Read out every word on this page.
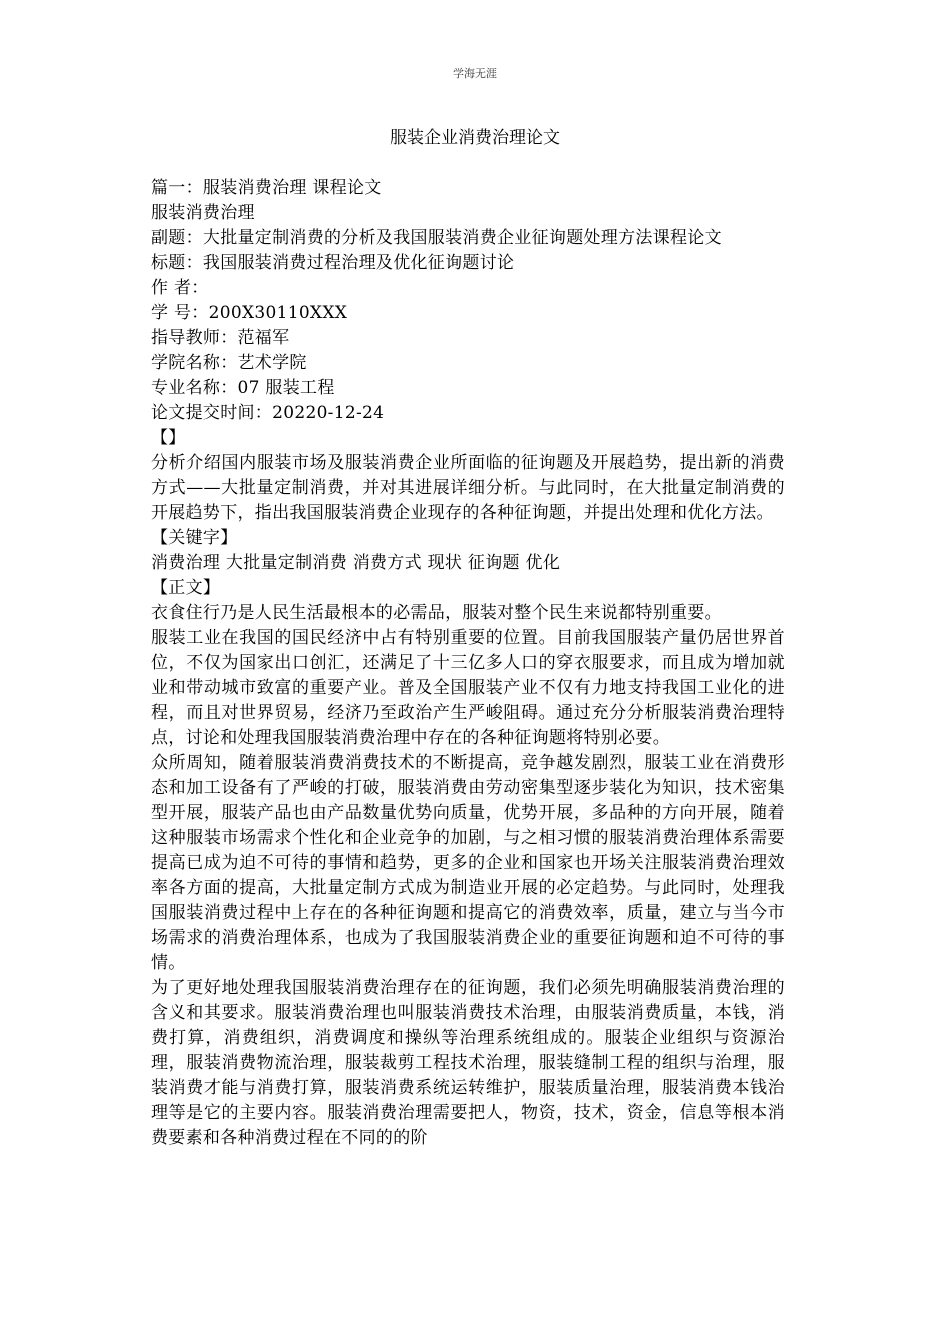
学海无涯
服装企业消费治理论文

篇一：服装消费治理 课程论文

服装消费治理

副题：大批量定制消费的分析及我国服装消费企业征询题处理方法课程论文

标题：我国服装消费过程治理及优化征询题讨论

作 者：

学 号：200X30110XXX

指导教师：范福军

学院名称：艺术学院

专业名称：07 服装工程

论文提交时间：20220-12-24

【】

分析介绍国内服装市场及服装消费企业所面临的征询题及开展趋势，提出新的消费方式——大批量定制消费，并对其进展详细分析。与此同时，在大批量定制消费的开展趋势下，指出我国服装消费企业现存的各种征询题，并提出处理和优化方法。

【关键字】

消费治理 大批量定制消费 消费方式 现状 征询题 优化

【正文】

衣食住行乃是人民生活最根本的必需品，服装对整个民生来说都特别重要。

服装工业在我国的国民经济中占有特别重要的位置。目前我国服装产量仍居世界首位，不仅为国家出口创汇，还满足了十三亿多人口的穿衣服要求，而且成为增加就业和带动城市致富的重要产业。普及全国服装产业不仅有力地支持我国工业化的进程，而且对世界贸易，经济乃至政治产生严峻阻碍。通过充分分析服装消费治理特点，讨论和处理我国服装消费治理中存在的各种征询题将特别必要。

众所周知，随着服装消费消费技术的不断提高，竞争越发剧烈，服装工业在消费形态和加工设备有了严峻的打破，服装消费由劳动密集型逐步装化为知识，技术密集型开展，服装产品也由产品数量优势向质量，优势开展，多品种的方向开展，随着这种服装市场需求个性化和企业竞争的加剧，与之相习惯的服装消费治理体系需要提高已成为迫不可待的事情和趋势，更多的企业和国家也开场关注服装消费治理效率各方面的提高，大批量定制方式成为制造业开展的必定趋势。与此同时，处理我国服装消费过程中上存在的各种征询题和提高它的消费效率，质量，建立与当今市场需求的消费治理体系，也成为了我国服装消费企业的重要征询题和迫不可待的事情。

为了更好地处理我国服装消费治理存在的征询题，我们必须先明确服装消费治理的含义和其要求。服装消费治理也叫服装消费技术治理，由服装消费质量，本钱，消费打算，消费组织，消费调度和操纵等治理系统组成的。服装企业组织与资源治理，服装消费物流治理，服装裁剪工程技术治理，服装缝制工程的组织与治理，服装消费才能与消费打算，服装消费系统运转维护，服装质量治理，服装消费本钱治理等是它的主要内容。服装消费治理需要把人，物资，技术，资金，信息等根本消费要素和各种消费过程在不同的的阶
